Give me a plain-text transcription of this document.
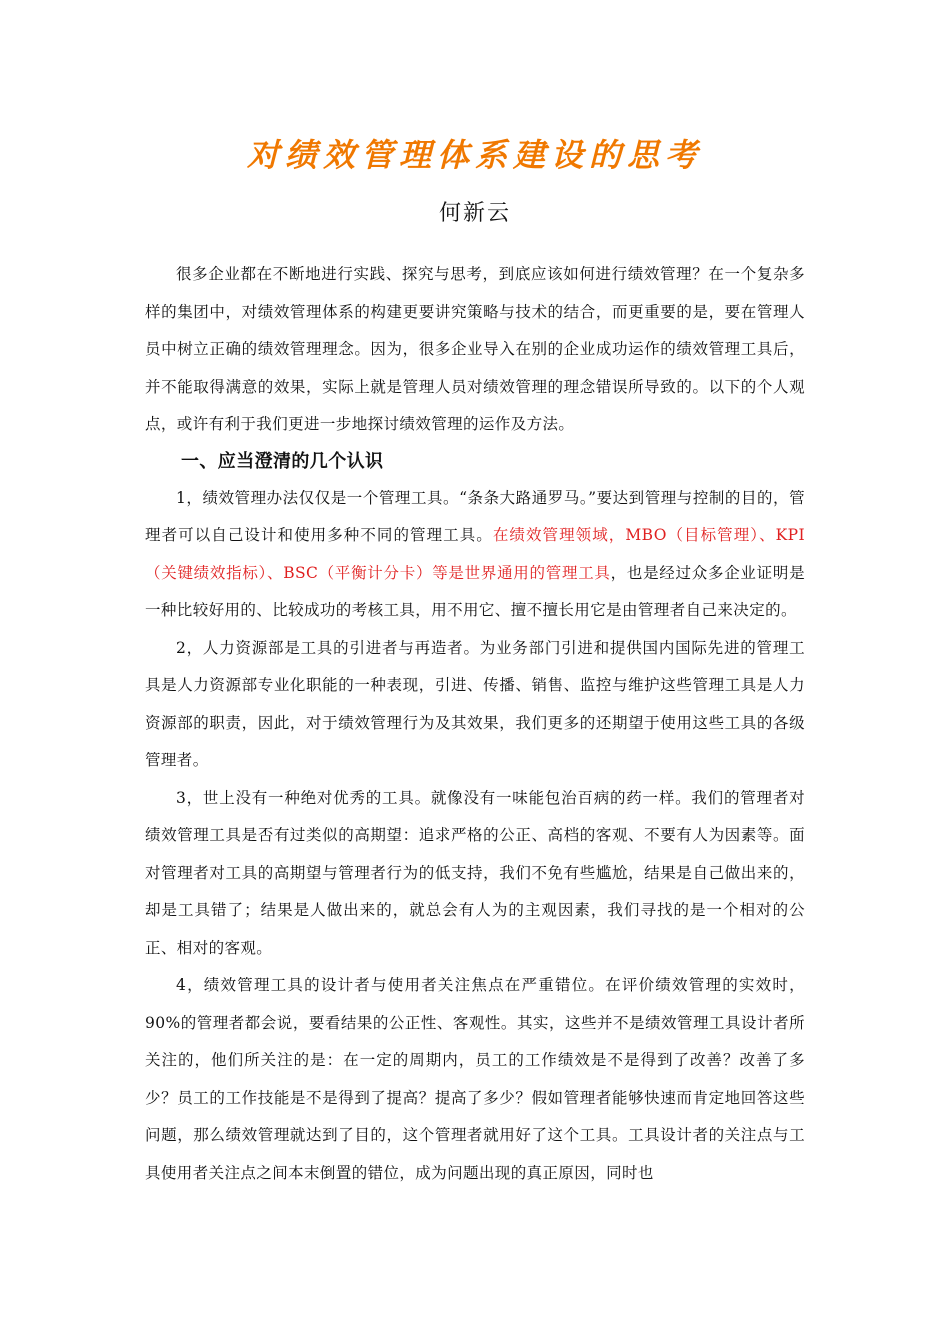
对绩效管理体系建设的思考
何新云

很多企业都在不断地进行实践、探究与思考，到底应该如何进行绩效管理？在一个复杂多样的集团中，对绩效管理体系的构建更要讲究策略与技术的结合，而更重要的是，要在管理人员中树立正确的绩效管理理念。因为，很多企业导入在别的企业成功运作的绩效管理工具后，并不能取得满意的效果，实际上就是管理人员对绩效管理的理念错误所导致的。以下的个人观点，或许有利于我们更进一步地探讨绩效管理的运作及方法。

一、应当澄清的几个认识

1，绩效管理办法仅仅是一个管理工具。“条条大路通罗马。”要达到管理与控制的目的，管理者可以自己设计和使用多种不同的管理工具。在绩效管理领域，MBO（目标管理）、KPI（关键绩效指标）、BSC（平衡计分卡）等是世界通用的管理工具，也是经过众多企业证明是一种比较好用的、比较成功的考核工具，用不用它、擅不擅长用它是由管理者自己来决定的。

2，人力资源部是工具的引进者与再造者。为业务部门引进和提供国内国际先进的管理工具是人力资源部专业化职能的一种表现，引进、传播、销售、监控与维护这些管理工具是人力资源部的职责，因此，对于绩效管理行为及其效果，我们更多的还期望于使用这些工具的各级管理者。

3，世上没有一种绝对优秀的工具。就像没有一味能包治百病的药一样。我们的管理者对绩效管理工具是否有过类似的高期望：追求严格的公正、高档的客观、不要有人为因素等。面对管理者对工具的高期望与管理者行为的低支持，我们不免有些尴尬，结果是自己做出来的，却是工具错了；结果是人做出来的，就总会有人为的主观因素，我们寻找的是一个相对的公正、相对的客观。

4，绩效管理工具的设计者与使用者关注焦点在严重错位。在评价绩效管理的实效时，90%的管理者都会说，要看结果的公正性、客观性。其实，这些并不是绩效管理工具设计者所关注的，他们所关注的是：在一定的周期内，员工的工作绩效是不是得到了改善？改善了多少？员工的工作技能是不是得到了提高？提高了多少？假如管理者能够快速而肯定地回答这些问题，那么绩效管理就达到了目的，这个管理者就用好了这个工具。工具设计者的关注点与工具使用者关注点之间本末倒置的错位，成为问题出现的真正原因，同时也
